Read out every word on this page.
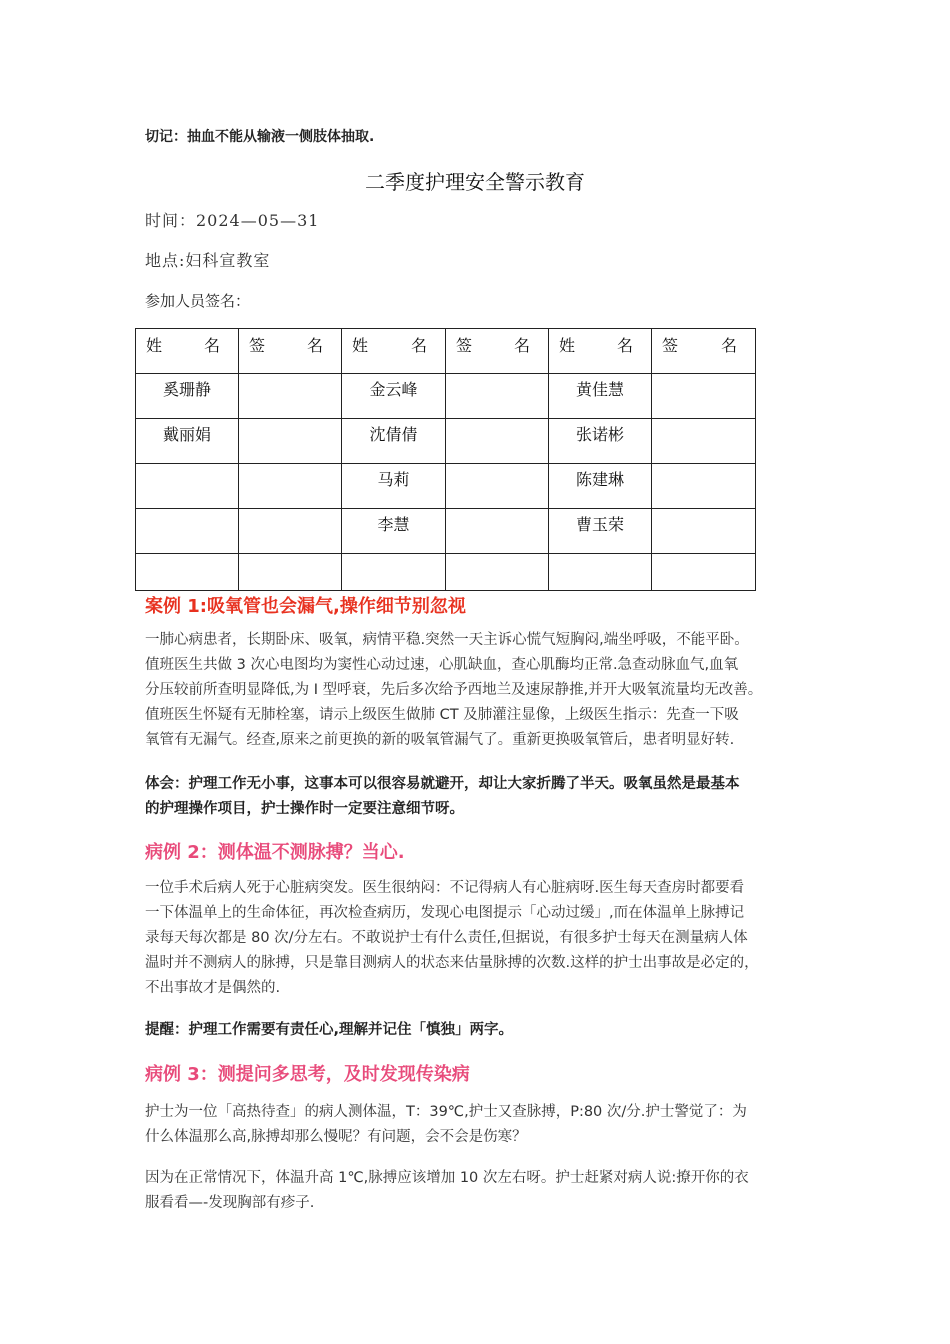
切记：抽血不能从输液一侧肢体抽取.
二季度护理安全警示教育
时间：2024—05—31
地点:妇科宣教室
参加人员签名：
姓 名	签 名	姓 名	签 名	姓 名	签 名

奚珊静		金云峰		黄佳慧	

戴丽娟		沈倩倩		张诺彬	

		马莉		陈建琳	

		李慧		曹玉荣	

案例 1:吸氧管也会漏气,操作细节别忽视
一肺心病患者，长期卧床、吸氧，病情平稳.突然一天主诉心慌气短胸闷,端坐呼吸，不能平卧。
值班医生共做 3 次心电图均为窦性心动过速，心肌缺血，查心肌酶均正常.急查动脉血气,血氧
分压较前所查明显降低,为 I 型呼衰，先后多次给予西地兰及速尿静推,并开大吸氧流量均无改善。
值班医生怀疑有无肺栓塞，请示上级医生做肺 CT 及肺灌注显像，上级医生指示：先查一下吸
氧管有无漏气。经查,原来之前更换的新的吸氧管漏气了。重新更换吸氧管后，患者明显好转.
体会：护理工作无小事，这事本可以很容易就避开，却让大家折腾了半天。吸氧虽然是最基本
的护理操作项目，护士操作时一定要注意细节呀。
病例 2：测体温不测脉搏？当心.
一位手术后病人死于心脏病突发。医生很纳闷：不记得病人有心脏病呀.医生每天查房时都要看
一下体温单上的生命体征，再次检查病历，发现心电图提示「心动过缓」,而在体温单上脉搏记
录每天每次都是 80 次/分左右。不敢说护士有什么责任,但据说，有很多护士每天在测量病人体
温时并不测病人的脉搏，只是靠目测病人的状态来估量脉搏的次数.这样的护士出事故是必定的，
不出事故才是偶然的.
提醒：护理工作需要有责任心,理解并记住「慎独」两字。
病例 3：测提问多思考，及时发现传染病
护士为一位「高热待查」的病人测体温，T：39℃,护士又查脉搏，P:80 次/分.护士警觉了：为
什么体温那么高,脉搏却那么慢呢？有问题，会不会是伤寒？
因为在正常情况下，体温升高 1℃,脉搏应该增加 10 次左右呀。护士赶紧对病人说:撩开你的衣
服看看—-发现胸部有疹子.
